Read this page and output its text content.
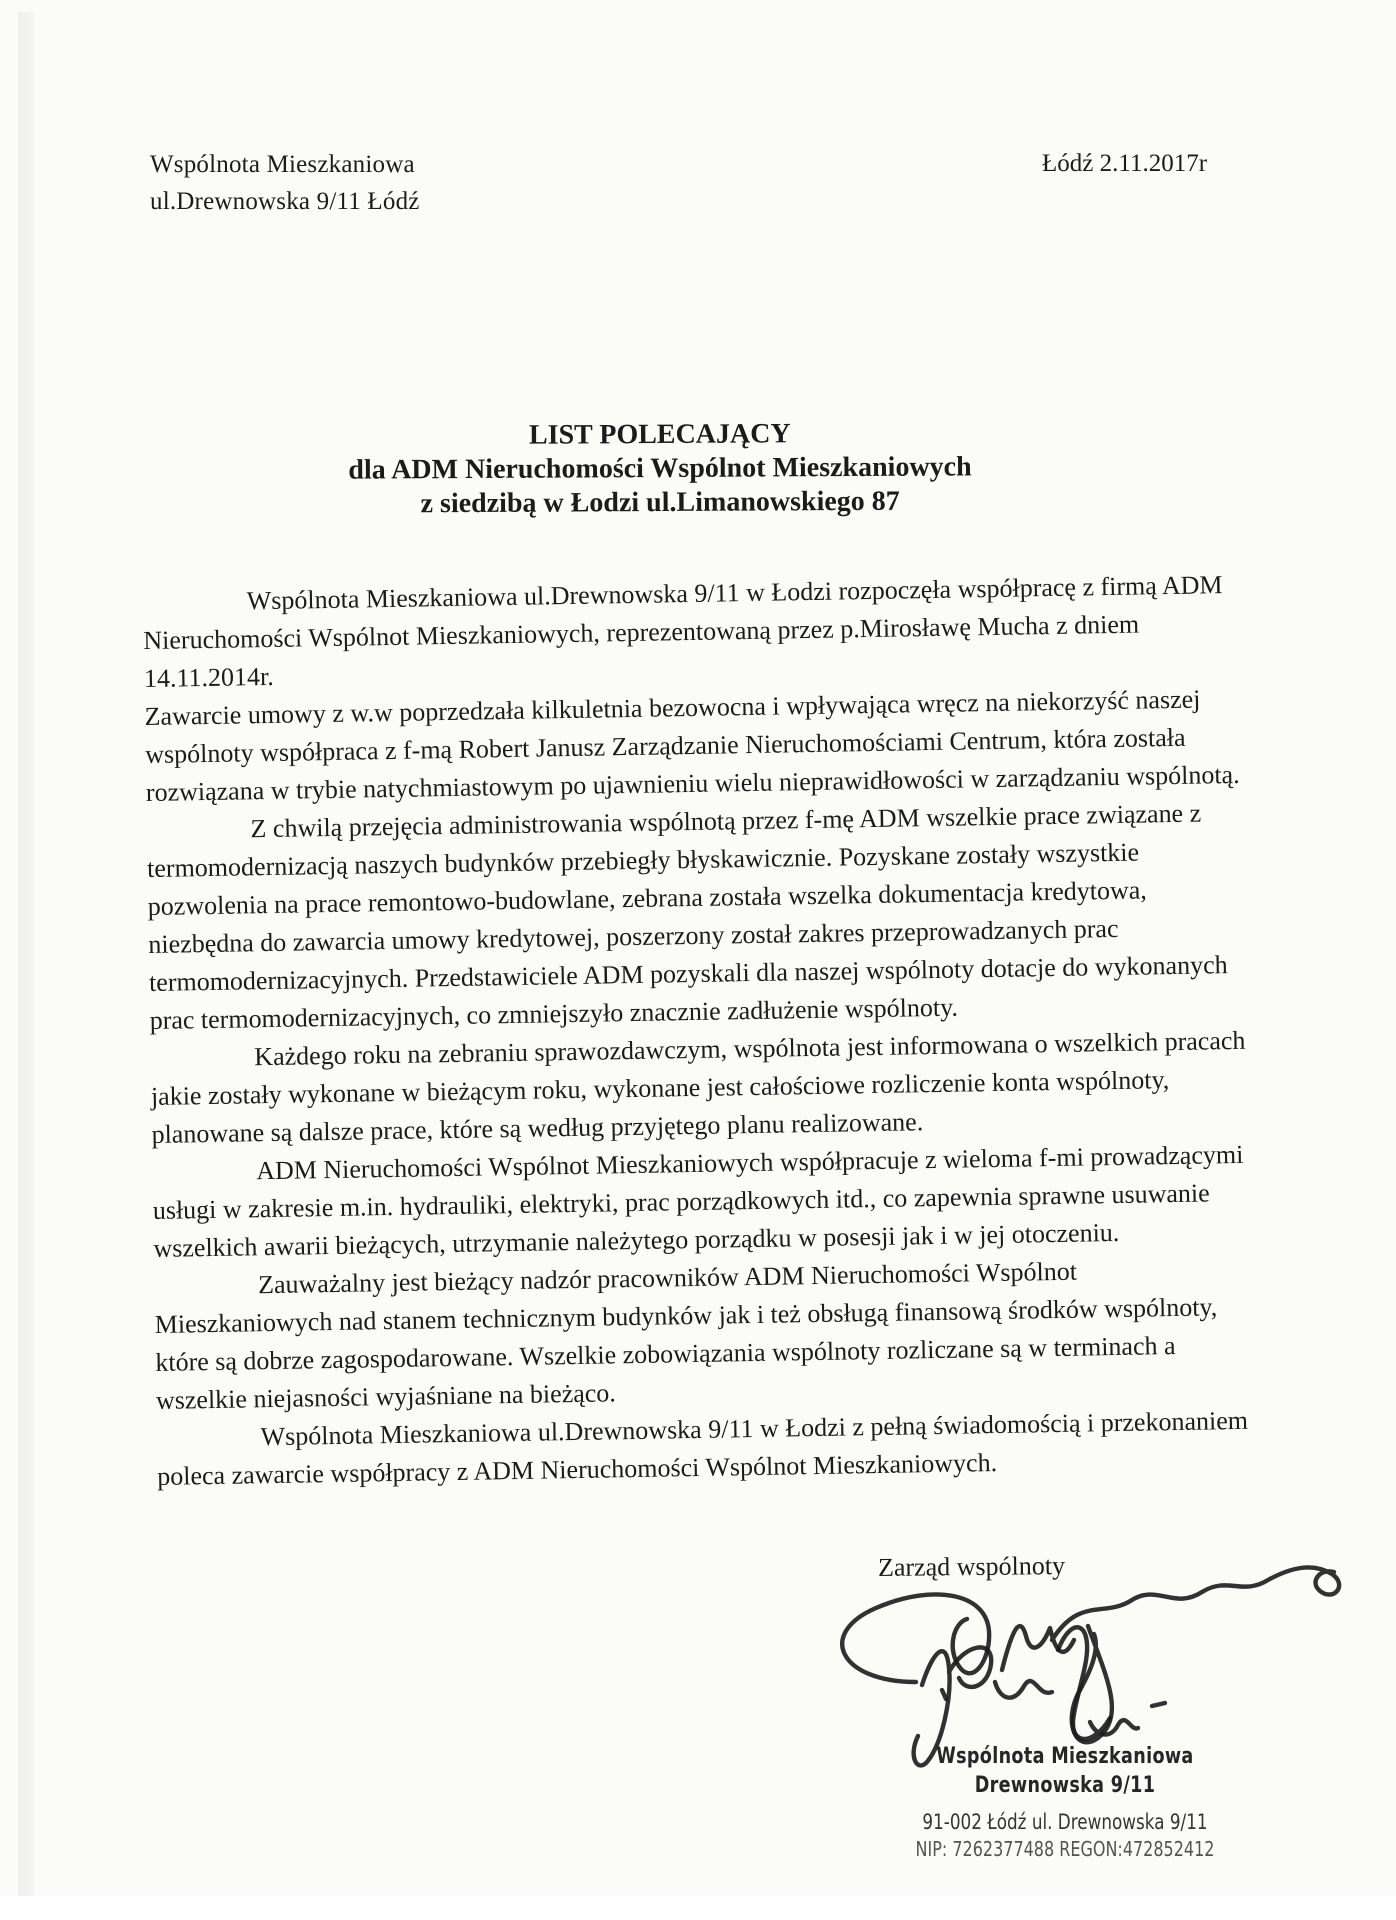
Wspólnota Mieszkaniowa
ul.Drewnowska 9/11 Łódź
Łódź 2.11.2017r
LIST POLECAJĄCY
dla ADM Nieruchomości Wspólnot Mieszkaniowych
z siedzibą w Łodzi ul.Limanowskiego 87

Wspólnota Mieszkaniowa ul.Drewnowska 9/11 w Łodzi rozpoczęła współpracę z firmą ADM Nieruchomości Wspólnot Mieszkaniowych, reprezentowaną przez p.Mirosławę Mucha z dniem 14.11.2014r.

Zawarcie umowy z w.w poprzedzała kilkuletnia bezowocna i wpływająca wręcz na niekorzyść naszej wspólnoty współpraca z f-mą Robert Janusz Zarządzanie Nieruchomościami Centrum, która została rozwiązana w trybie natychmiastowym po ujawnieniu wielu nieprawidłowości w zarządzaniu wspólnotą.

Z chwilą przejęcia administrowania wspólnotą przez f-mę ADM wszelkie prace związane z termomodernizacją naszych budynków przebiegły błyskawicznie. Pozyskane zostały wszystkie pozwolenia na prace remontowo-budowlane, zebrana została wszelka dokumentacja kredytowa, niezbędna do zawarcia umowy kredytowej, poszerzony został zakres przeprowadzanych prac termomodernizacyjnych. Przedstawiciele ADM pozyskali dla naszej wspólnoty dotacje do wykonanych prac termomodernizacyjnych, co zmniejszyło znacznie zadłużenie wspólnoty.

Każdego roku na zebraniu sprawozdawczym, wspólnota jest informowana o wszelkich pracach jakie zostały wykonane w bieżącym roku, wykonane jest całościowe rozliczenie konta wspólnoty, planowane są dalsze prace, które są według przyjętego planu realizowane.

ADM Nieruchomości Wspólnot Mieszkaniowych współpracuje z wieloma f-mi prowadzącymi usługi w zakresie m.in. hydrauliki, elektryki, prac porządkowych itd., co zapewnia sprawne usuwanie wszelkich awarii bieżących, utrzymanie należytego porządku w posesji jak i w jej otoczeniu.

Zauważalny jest bieżący nadzór pracowników ADM Nieruchomości Wspólnot Mieszkaniowych nad stanem technicznym budynków jak i też obsługą finansową środków wspólnoty, które są dobrze zagospodarowane. Wszelkie zobowiązania wspólnoty rozliczane są w terminach a wszelkie niejasności wyjaśniane na bieżąco.

Wspólnota Mieszkaniowa ul.Drewnowska 9/11 w Łodzi z pełną świadomością i przekonaniem poleca zawarcie współpracy z ADM Nieruchomości Wspólnot Mieszkaniowych.

Zarząd wspólnoty
Wspólnota Mieszkaniowa
Drewnowska 9/11
91-002 Łódź ul. Drewnowska 9/11
NIP: 7262377488 REGON:472852412
